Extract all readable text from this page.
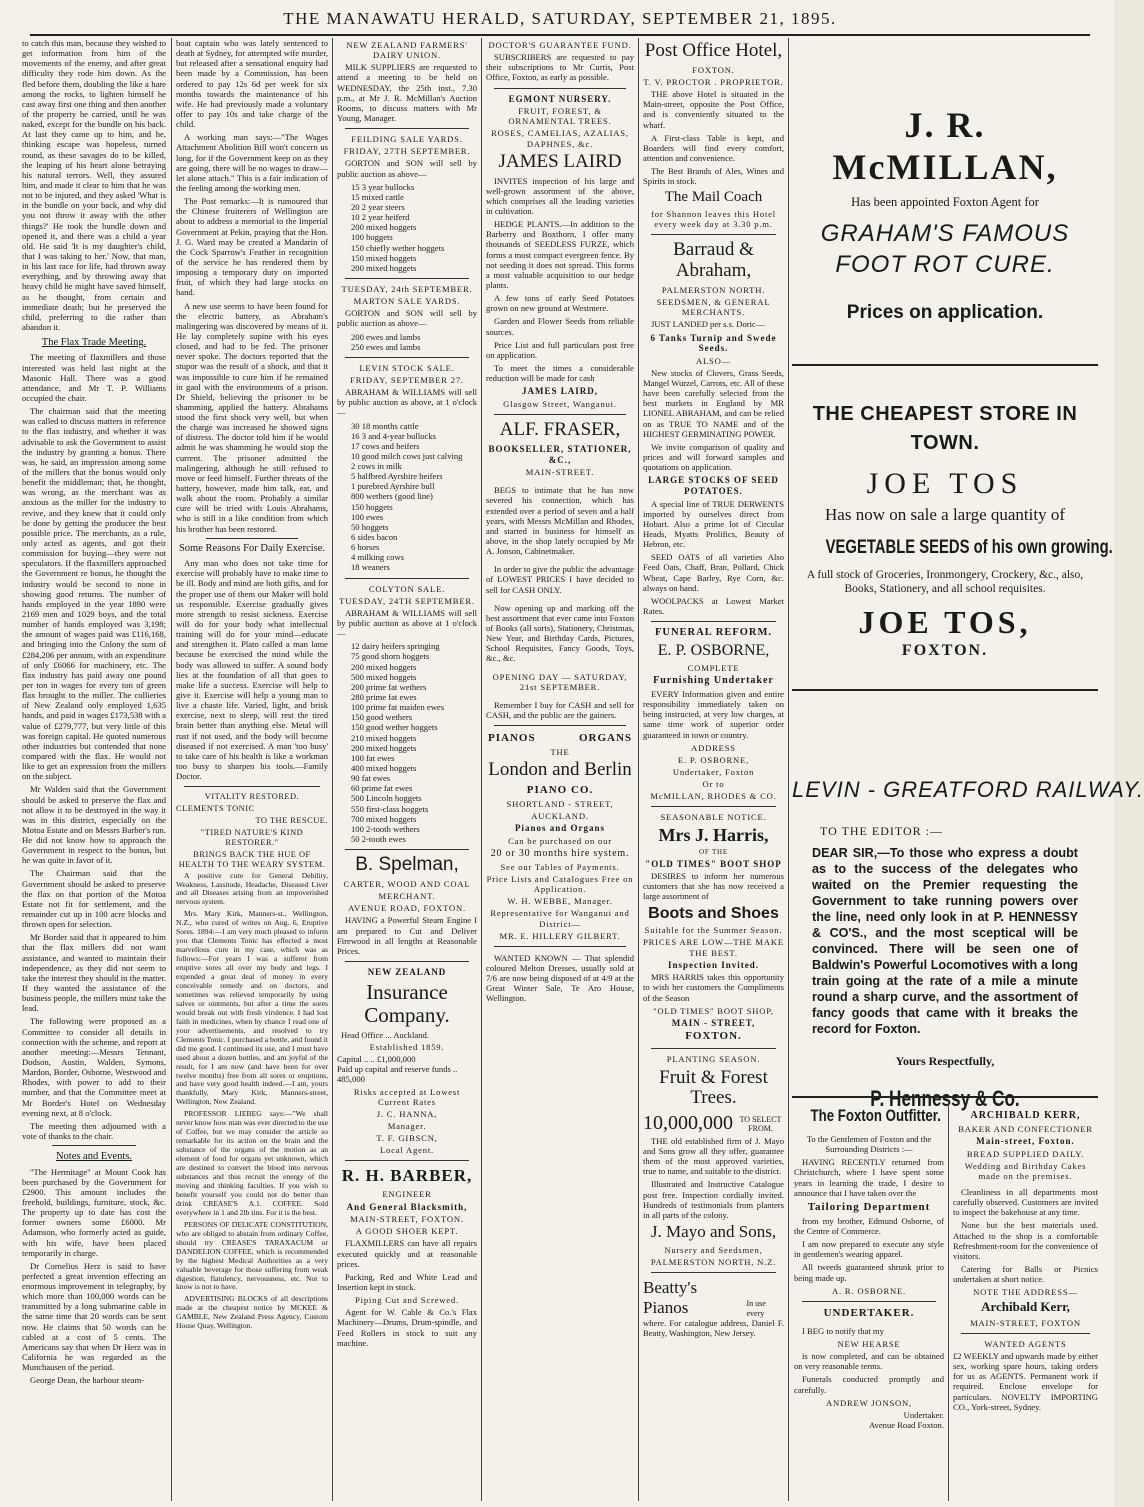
THE MANAWATU HERALD, SATURDAY, SEPTEMBER 21, 1895.

to catch this man, because they wished to get information from him of the movements of the enemy, and after great difficulty they rode him down. As the fled before them, doubling the like a hare among the rocks, to lighten himself he cast away first one thing and then another of the property he carried, until he was naked, except for the bundle on his back. At last they came up to him, and he, thinking escape was hopeless, turned round, as these savages do to be killed, the leaping of his heart alone betraying his natural terrors. Well, they assured him, and made it clear to him that he was not to be injured, and they asked 'What is in the bundle on your back, and why did you not throw it away with the other things?' He took the bundle down and opened it, and there was a child a year old. He said 'It is my daughter's child, that I was taking to her.' Now, that man, in his last race for life, had thrown away everything, and by throwing away that heavy child he might have saved himself, as he thought, from certain and immediate death; but he preserved the child, preferring to die rather than abandon it.

The Flax Trade Meeting.

The meeting of flaxmillers and those interested was held last night at the Masonic Hall. There was a good attendance, and Mr T. P. Williams occupied the chair.

The chairman said that the meeting was called to discuss matters in reference to the flax industry, and whether it was advisable to ask the Government to assist the industry by granting a bonus. There was, he said, an impression among some of the millers that the bonus would only benefit the middleman; that, he thought, was wrong, as the merchant was as anxious as the miller for the industry to revive, and they knew that it could only be done by getting the producer the best possible price. The merchants, as a rule, only acted as agents, and got their commission for buying—they were not speculators. If the flaxmillers approached the Government re bonus, he thought the industry would be second to none in showing good returns. The number of hands employed in the year 1890 were 2169 men and 1029 boys, and the total number of hands employed was 3,198; the amount of wages paid was £116,168, and bringing into the Colony the sum of £284,206 per annum, with an expenditure of only £6066 for machinery, etc. The flax industry has paid away one pound per ton in wages for every ton of green flax brought to the miller. The collieries of New Zealand only employed 1,635 hands, and paid in wages £173,538 with a value of £279,777, but very little of this was foreign capital. He quoted numerous other industries but contended that none compared with the flax. He would not like to get an expression from the millers on the subject.

Mr Walden said that the Government should be asked to preserve the flax and not allow it to be destroyed in the way it was in this district, especially on the Motoa Estate and on Messrs Barber's run. He did not know how to approach the Government in respect to the bonus, but he was quite in favor of it.

The Chairman said that the Government should be asked to preserve the flax on that portion of the Motoa Estate not fit for settlement, and the remainder cut up in 100 acre blocks and thrown open for selection.

Mr Border said that it appeared to him that the flax millers did not want assistance, and wanted to maintain their independence, as they did not seem to take the interest they should in the matter. If they wanted the assistance of the business people, the millers must take the lead.

The following were proposed as a Committee to consider all details in connection with the scheme, and report at another meeting:—Messrs Tennant, Dodson, Austin, Walden, Symons, Mardon, Border, Osborne, Westwood and Rhodes, with power to add to their number, and that the Committee meet at Mr Border's Hotel on Wednesday evening next, at 8 o'clock.

The meeting then adjourned with a vote of thanks to the chair.

Notes and Events.

"The Hermitage" at Mount Cook has been purchased by the Government for £2900. This amount includes the freehold, buildings, furniture, stock, &c. The property up to date has cost the former owners some £6000. Mr Adamson, who formerly acted as guide, with his wife, have been placed temporarily in charge.

Dr Cornelius Herz is said to have perfected a great invention effecting an enormous improvement in telegraphy, by which more than 100,000 words can be transmitted by a long submarine cable in the same time that 20 words can be sent now. He claims that 50 words can be cabled at a cost of 5 cents. The Americans say that when Dr Herz was in California he was regarded as the Munchausen of the period.

George Dean, the harbour steam-

boat captain who was lately sentenced to death at Sydney, for attempted wife murder, but released after a sensational enquiry had been made by a Commission, has been ordered to pay 12s 6d per week for six months towards the maintenance of his wife. He had previously made a voluntary offer to pay 10s and take charge of the child.

A working man says:—"The Wages Attachment Abolition Bill won't concern us long, for if the Government keep on as they are going, there will be no wages to draw—let alone attach." This is a fair indication of the feeling among the working men.

The Post remarks:—It is rumoured that the Chinese fruiterers of Wellington are about to address a memorial to the Imperial Government at Pekin, praying that the Hon. J. G. Ward may be created a Mandarin of the Cock Sparrow's Feather in recognition of the service he has rendered them by imposing a temporary duty on imported fruit, of which they had large stocks on hand.

A new use seems to have been found for the electric battery, as Abraham's malingering was discovered by means of it. He lay completely supine with his eyes closed, and had to be fed. The prisoner never spoke. The doctors reported that the stupor was the result of a shock, and that it was impossible to cure him if he remained in gaol with the environments of a prison. Dr Shield, believing the prisoner to be shamming, applied the battery. Abrahams stood the first shock very well, but when the charge was increased he showed signs of distress. The doctor told him if he would admit he was shamming he would stop the current. The prisoner admitted the malingering, although he still refused to move or feed himself. Further threats of the battery, however, made him talk, eat, and walk about the room. Probably a similar cure will be tried with Louis Abrahams, who is still in a like condition from which his brother has been restored.

Some Reasons For Daily Exercise.

Any man who does not take time for exercise will probably have to make time to be ill. Body and mind are both gifts, and for the proper use of them our Maker will hold us responsible. Exercise gradually gives more strength to resist sickness. Exercise will do for your body what intellectual training will do for your mind—educate and strengthen it. Plato called a man lame because he exercised the mind while the body was allowed to suffer. A sound body lies at the foundation of all that goes to make life a success. Exercise will help to give it. Exercise will help a young man to live a chaste life. Varied, light, and brisk exercise, next to sleep, will rest the tired brain better than anything else. Metal will rust if not used, and the body will become diseased if not exercised. A man 'too busy' to take care of his health is like a workman too busy to sharpen his tools.—Family Doctor.

VITALITY RESTORED.
CLEMENTS TONIC
TO THE RESCUE.
"TIRED NATURE'S KIND RESTORER."
BRINGS BACK THE HUE OF HEALTH TO THE WEARY SYSTEM.

A positive cure for General Debility, Weakness, Lassitude, Headache, Diseased Liver and all Diseases arising from an impoverished nervous system.

Mrs. Mary Kirk, Manners-st., Wellington, N.Z., who cured of writes on Aug. 6, Eruptive Sores. 1894:—I am very much pleased to inform you that Clements Tonic has effected a most marvellous cure in my case, which was as follows:—For years I was a sufferer from eruptive sores all over my body and legs. I expended a great deal of money in every conceivable remedy and on doctors, and sometimes was relieved temporarily by using salves or ointments, but after a time the sores would break out with fresh virulence. I had lost faith in medicines, when by chance I read one of your advertisements, and resolved to try Clements Tonic. I purchased a bottle, and found it did me good. I continued its use, and I must have used about a dozen bottles, and am joyful of the result, for I am now (and have been for over twelve months) free from all sores or eruptions, and have very good health indeed.—I am, yours thankfully, Mary Kirk, Manners-street, Wellington, New Zealand.

PROFESSOR LIEBEG says:—"We shall never know how man was ever directed to the use of Coffee, but we may consider the article so remarkable for its action on the brain and the substance of the organs of the motion as an element of food for organs yet unknown, which are destined to convert the blood into nervous substances and thus recruit the energy of the moving and thinking faculties. If you wish to benefit yourself you could not do better than drink CREASE'S A.1. COFFEE. Sold everywhere in 1 and 2lb tins. For it is the best.

PERSONS OF DELICATE CONSTITUTION, who are obliged to abstain from ordinary Coffee, should try CREASE'S TARAXACUM or DANDELION COFFEE, which is recommended by the highest Medical Authorities as a very valuable beverage for those suffering from weak digestion, flatulency, nervousness, etc. Not to know is not to have.

ADVERTISING BLOCKS of all descriptions made at the cheapest notice by MCKEE & GAMBLE, New Zealand Press Agency, Custom House Quay, Wellington.

NEW ZEALAND FARMERS' DAIRY UNION.

MILK SUPPLIERS are requested to attend a meeting to be held on WEDNESDAY, the 25th inst., 7.30 p.m., at Mr J. R. McMillan's Auction Rooms, to discuss matters with Mr Young, Manager.

FEILDING SALE YARDS.
FRIDAY, 27TH SEPTEMBER.

GORTON and SON will sell by public auction as above—

15 3 year bullocks
15 mixed cattle
20 2 year steers
10 2 year heiferd
200 mixed hoggets
100 hoggets
150 chiefly wether hoggets
150 mixed hoggets
200 mixed hoggets
TUESDAY, 24th SEPTEMBER.
MARTON SALE YARDS.

GORTON and SON will sell by public auction as above—

200 ewes and lambs
250 ewes and lambs
LEVIN STOCK SALE.
FRIDAY, SEPTEMBER 27.

ABRAHAM & WILLIAMS will sell by public auction as above, at 1 o'clock—

30 18 months cattle
16 3 and 4-year bullocks
17 cows and heifers
10 good milch cows just calving
2 cows in milk
5 halfbred Ayrshire heifers
1 purebred Ayrshire bull
800 wethers (good line)
150 hoggets
100 ewes
50 hoggets
6 sides bacon
6 horses
4 milking cows
18 weaners
COLYTON SALE.
TUESDAY, 24TH SEPTEMBER.

ABRAHAM & WILLIAMS will sell by public auction as above at 1 o'clock—

12 dairy heifers springing
75 good shorn hoggets
200 mixed hoggets
500 mixed hoggets
200 prime fat wethers
280 prime fat ewes
100 prime fat maiden ewes
150 good wethers
150 good wether hoggets
210 mixed hoggets
200 mixed hoggets
100 fat ewes
400 mixed hoggets
90 fat ewes
60 prime fat ewes
500 Lincoln hoggets
550 first-class hoggets
700 mixed hoggets
100 2-tooth wethers
50 2-tooth ewes
B. Spelman,
CARTER, WOOD AND COAL
MERCHANT.
AVENUE ROAD, FOXTON.

HAVING a Powerful Steam Engine I am prepared to Cut and Deliver Firewood in all lengths at Reasonable Prices.

NEW ZEALAND
Insurance Company.
Head Office ... Auckland.
Established 1859.
Capital .. .. £1,000,000
Paid up capital and reserve funds .. 485,000
Risks accepted at Lowest Current Rates
J. C. HANNA,
Manager.
T. F. GIBSCN,
Local Agent.
R. H. BARBER,
ENGINEER
And General Blacksmith,
MAIN-STREET, FOXTON.
A GOOD SHOER KEPT.

FLAXMILLERS can have all repairs executed quickly and at reasonable prices.

Packing, Red and White Lead and Insertion kept in stock.

Piping Cut and Screwed.

Agent for W. Cable & Co.'s Flax Machinery—Drums, Drum-spindle, and Feed Rollers in stock to suit any machine.

DOCTOR'S GUARANTEE FUND.

SUBSCRIBERS are requested to pay their subscriptions to Mr Curtis, Post Office, Foxton, as early as possible.

EGMONT NURSERY.
FRUIT, FOREST, & ORNAMENTAL TREES.
ROSES, CAMELIAS, AZALIAS, DAPHNES, &c.
JAMES LAIRD

INVITES inspection of his large and well-grown assortment of the above, which comprises all the leading varieties in cultivation.

HEDGE PLANTS.—In addition to the Barberry and Boxthorn, I offer many thousands of SEEDLESS FURZE, which forms a most compact evergreen fence. By not seeding it does not spread. This forms a most valuable acquisition to our hedge plants.

A few tons of early Seed Potatoes grown on new ground at Westmere.

Garden and Flower Seeds from reliable sources.

Price List and full particulars post free on application.

To meet the times a considerable reduction will be made for cash

JAMES LAIRD,
Glasgow Street, Wanganui.
ALF. FRASER,
BOOKSELLER, STATIONER, &C.,
MAIN-STREET.

BEGS to intimate that he has now severed his connection, which has extended over a period of seven and a half years, with Messrs McMillan and Rhodes, and started in business for himself as above, in the shop lately occupied by Mr A. Jonson, Cabinetmaker.

In order to give the public the advantage of LOWEST PRICES I have decided to sell for CASH ONLY.

Now opening up and marking off the best assortment that ever came into Foxton of Books (all sorts), Stationery, Christmas, New Year, and Birthday Cards, Pictures, School Requisites, Fancy Goods, Toys, &c., &c.

OPENING DAY — SATURDAY, 21st SEPTEMBER.

Remember I buy for CASH and sell for CASH, and the public are the gainers.

PIANOS	ORGANS
THE
London and Berlin
PIANO CO.
SHORTLAND - STREET,
AUCKLAND.
Pianos and Organs
Can be purchased on our
20 or 30 months hire system.
See our Tables of Payments.
Price Lists and Catalogues Free on Application.
W. H. WEBBE, Manager.
Representative for Wanganui and District—
MR. E. HILLERY GILBERT.

WANTED KNOWN — That splendid coloured Melton Dresses, usually sold at 7/6 are now being disposed of at 4/9 at the Great Winter Sale, Te Aro House, Wellington.

Post Office Hotel,
FOXTON.
T. V. PROCTOR . PROPRIETOR.

THE above Hotel is situated in the Main-street, opposite the Post Office, and is conveniently situated to the wharf.

A First-class Table is kept, and Boarders will find every comfort, attention and convenience.

The Best Brands of Ales, Wines and Spirits in stock.

The Mail Coach
for Shannon leaves this Hotel every week day at 3.30 p.m.
Barraud & Abraham,
PALMERSTON NORTH.
SEEDSMEN, & GENERAL MERCHANTS.

JUST LANDED per s.s. Doric—

6 Tanks Turnip and Swede Seeds.
ALSO—

New stocks of Clovers, Grass Seeds, Mangel Wurzel, Carrots, etc. All of these have been carefully selected from the best markets in England by MR LIONEL ABRAHAM, and can be relied on as TRUE TO NAME and of the HIGHEST GERMINATING POWER.

We invite comparison of quality and prices and will forward samples and quotations on application.

LARGE STOCKS OF SEED POTATOES.

A special line of TRUE DERWENTS imported by ourselves direct from Hobart. Also a prime lot of Circular Heads, Myatts Prolifics, Beauty of Hebron, etc.

SEED OATS of all varieties Also Feed Oats, Chaff, Bran, Pollard, Chick Wheat, Cape Barley, Rye Corn, &c. always on hand.

WOOLPACKS at Lowest Market Rates.

FUNERAL REFORM.
E. P. OSBORNE,
COMPLETE
Furnishing Undertaker

EVERY Information given and entire responsibility immediately taken on being instructed, at very low charges, at same time work of superior order guaranteed in town or country.

ADDRESS
E. P. OSBORNE,
Undertaker, Foxton
Or to
McMILLAN, RHODES & CO.
SEASONABLE NOTICE.
Mrs J. Harris,
OF THE
"OLD TIMES" BOOT SHOP

DESIRES to inform her numerous customers that she has now received a large assortment of

Boots and Shoes
Suitable for the Summer Season.
PRICES ARE LOW—THE MAKE THE BEST.
Inspection Invited.

MRS HARRIS takes this opportunity to wish her customers the Compliments of the Season

"OLD TIMES" BOOT SHOP,
MAIN - STREET,
FOXTON.
PLANTING SEASON.
Fruit & Forest Trees.
10,000,000 TO SELECT FROM.

THE old established firm of J. Mayo and Sons grow all they offer, guarantee them of the most approved varieties, true to name, and suitable to the district.

Illustrated and Instructive Catalogue post free. Inspection cordially invited. Hundreds of testimonials from planters in all parts of the colony.

J. Mayo and Sons,
Nursery and Seedsmen,
PALMERSTON NORTH, N.Z.
Beatty's Pianos	In use every

where. For catalogue address, Daniel F. Beatty, Washington, New Jersey.

J. R. McMILLAN,
Has been appointed Foxton Agent for
GRAHAM'S FAMOUS FOOT ROT CURE.
Prices on application.
THE CHEAPEST STORE IN TOWN.
JOE TOS
Has now on sale a large quantity of
VEGETABLE SEEDS of his own growing.
A full stock of Groceries, Ironmongery, Crockery, &c., also, Books, Stationery, and all school requisites.
JOE TOS,
FOXTON.
LEVIN - GREATFORD RAILWAY.
TO THE EDITOR :—
DEAR SIR,—To those who express a doubt as to the success of the delegates who waited on the Premier requesting the Government to take running powers over the line, need only look in at P. HENNESSY & CO'S., and the most sceptical will be convinced. There will be seen one of Baldwin's Powerful Locomotives with a long train going at the rate of a mile a minute round a sharp curve, and the assortment of fancy goods that came with it breaks the record for Foxton.
Yours Respectfully,
P. Hennessy & Co.
The Foxton Outfitter.

To the Gentlemen of Foxton and the Surrounding Districts :—

HAVING RECENTLY returned from Christchurch, where I have spent some years in learning the trade, I desire to announce that I have taken over the

Tailoring Department

from my brother, Edmund Osborne, of the Centre of Commerce.

I am now prepared to execute any style in gentlemen's wearing apparel.

All tweeds guaranteed shrunk prior to being made up.

A. R. OSBORNE.
UNDERTAKER.

I BEG to notify that my

NEW HEARSE

is now completed, and can be obtained on very reasonable terms.

Funerals conducted promptly and carefully.

ANDREW JONSON,
Undertaker.
Avenue Road Foxton.
ARCHIBALD KERR,
BAKER AND CONFECTIONER
Main-street, Foxton.
BREAD SUPPLIED DAILY.
Wedding and Birthday Cakes made on the premises.

Cleanliness in all departments most carefully observed. Customers are invited to inspect the bakehouse at any time.

None but the best materials used. Attached to the shop is a comfortable Refreshment-room for the convenience of visitors.

Catering for Balls or Picnics undertaken at short notice.

NOTE THE ADDRESS—
Archibald Kerr,
MAIN-STREET, FOXTON
WANTED AGENTS

£2 WEEKLY and upwards made by either sex, working spare hours, taking orders for us as AGENTS. Permanent work if required. Enclose envelope for particulars. NOVELTY IMPORTING CO., York-street, Sydney.
